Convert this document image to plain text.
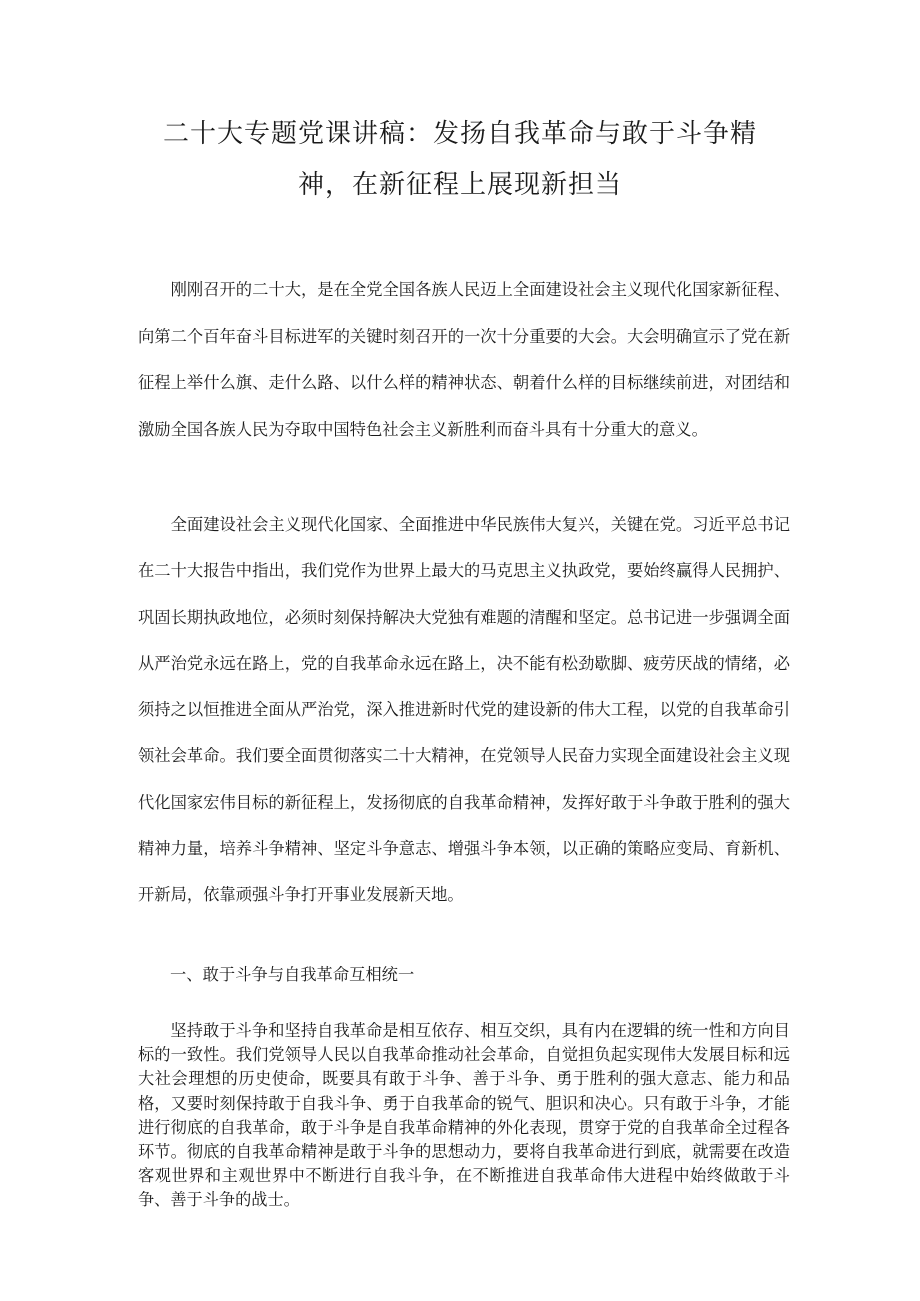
二十大专题党课讲稿：发扬自我革命与敢于斗争精
神，在新征程上展现新担当

刚刚召开的二十大，是在全党全国各族人民迈上全面建设社会主义现代化国家新征程、向第二个百年奋斗目标进军的关键时刻召开的一次十分重要的大会。大会明确宣示了党在新征程上举什么旗、走什么路、以什么样的精神状态、朝着什么样的目标继续前进，对团结和激励全国各族人民为夺取中国特色社会主义新胜利而奋斗具有十分重大的意义。

全面建设社会主义现代化国家、全面推进中华民族伟大复兴，关键在党。习近平总书记在二十大报告中指出，我们党作为世界上最大的马克思主义执政党，要始终赢得人民拥护、巩固长期执政地位，必须时刻保持解决大党独有难题的清醒和坚定。总书记进一步强调全面从严治党永远在路上，党的自我革命永远在路上，决不能有松劲歇脚、疲劳厌战的情绪，必须持之以恒推进全面从严治党，深入推进新时代党的建设新的伟大工程，以党的自我革命引领社会革命。我们要全面贯彻落实二十大精神，在党领导人民奋力实现全面建设社会主义现代化国家宏伟目标的新征程上，发扬彻底的自我革命精神，发挥好敢于斗争敢于胜利的强大精神力量，培养斗争精神、坚定斗争意志、增强斗争本领，以正确的策略应变局、育新机、开新局，依靠顽强斗争打开事业发展新天地。

一、敢于斗争与自我革命互相统一

坚持敢于斗争和坚持自我革命是相互依存、相互交织，具有内在逻辑的统一性和方向目标的一致性。我们党领导人民以自我革命推动社会革命，自觉担负起实现伟大发展目标和远大社会理想的历史使命，既要具有敢于斗争、善于斗争、勇于胜利的强大意志、能力和品格，又要时刻保持敢于自我斗争、勇于自我革命的锐气、胆识和决心。只有敢于斗争，才能进行彻底的自我革命，敢于斗争是自我革命精神的外化表现，贯穿于党的自我革命全过程各环节。彻底的自我革命精神是敢于斗争的思想动力，要将自我革命进行到底，就需要在改造客观世界和主观世界中不断进行自我斗争，在不断推进自我革命伟大进程中始终做敢于斗争、善于斗争的战士。
